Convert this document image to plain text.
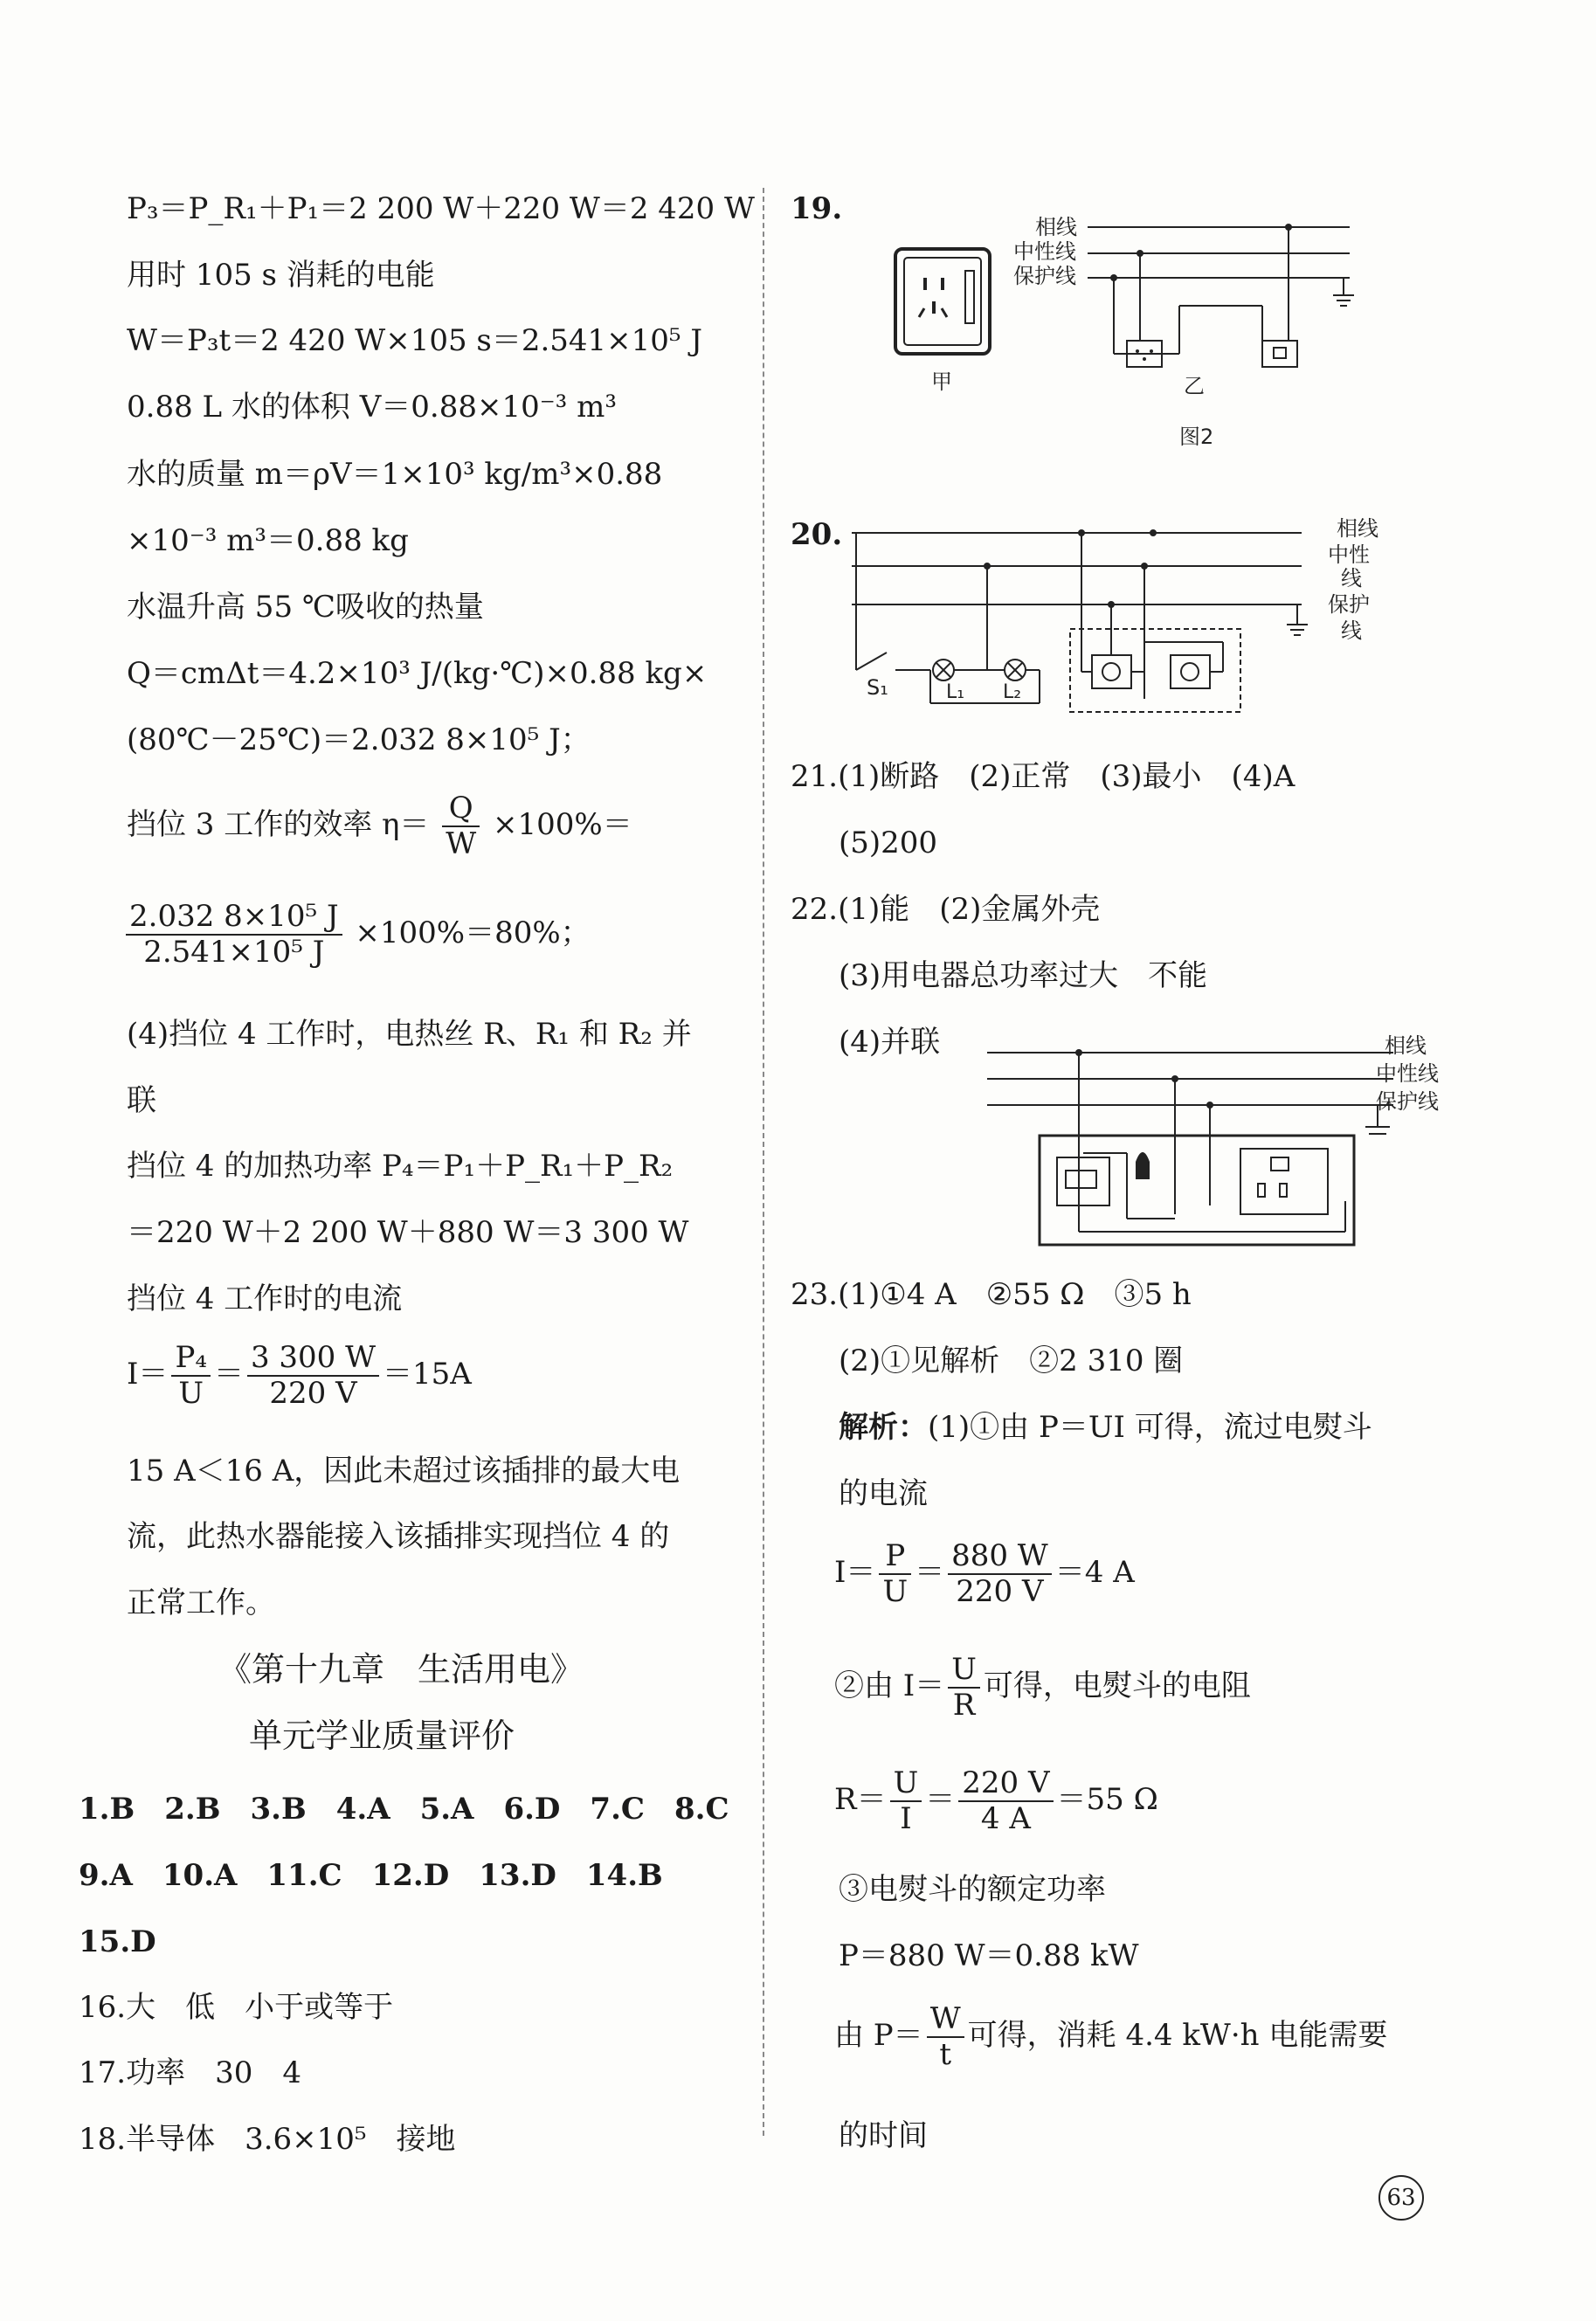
P₃＝P_R₁＋P₁＝2 200 W＋220 W＝2 420 W
用时 105 s 消耗的电能
W＝P₃t＝2 420 W×105 s＝2.541×10⁵ J
0.88 L 水的体积 V＝0.88×10⁻³ m³
水的质量 m＝ρV＝1×10³ kg/m³×0.88
×10⁻³ m³＝0.88 kg
水温升高 55 ℃吸收的热量
Q＝cmΔt＝4.2×10³ J/(kg·℃)×0.88 kg×
(80℃－25℃)＝2.032 8×10⁵ J；
挡位 3 工作的效率 $\eta= \frac{Q}{W} \times 100\%=$
$\frac{\text{2.032 8×10⁵ J}}{\text{2.541×10⁵ J}} \times 100\%=80\%$；
(4)挡位 4 工作时，电热丝 R、R₁ 和 R₂ 并
联
挡位 4 的加热功率 P₄＝P₁＋P_R₁＋P_R₂
＝220 W＋2 200 W＋880 W＝3 300 W
挡位 4 工作时的电流
$I= \frac{\text{P₄}}{U} = \frac{3 300 W}{220 V} =15A$
15 A＜16 A，因此未超过该插排的最大电
流，此热水器能接入该插排实现挡位 4 的
正常工作。
《第十九章　生活用电》
单元学业质量评价
1.B　2.B　3.B　4.A　5.A　6.D　7.C　8.C
9.A　10.A　11.C　12.D　13.D　14.B
15.D
16.大　低　小于或等于
17.功率　30　4
18.半导体　3.6×10⁵　接地
19.
甲
相线
中性线
保护线
乙
图2
20.	相线
中性
线
保护
线
S₁	L₁ L₂
21.(1)断路　(2)正常　(3)最小　(4)A
(5)200
22.(1)能　(2)金属外壳
(3)用电器总功率过大　不能
(4)并联	相线
中性线
保护线
23.(1)①4 A　②55 Ω　③5 h
(2)①见解析　②2 310 圈
解析：(1)①由 P＝UI 可得，流过电熨斗
的电流
$I= \frac{P}{U} = \frac{880 W}{220 V} =4$ A
②由 $I= \frac{U}{R}$ 可得，电熨斗的电阻
$R= \frac{U}{I} = \frac{220 V}{4 A} =55$ Ω
③电熨斗的额定功率
P＝880 W＝0.88 kW
由 $P= \frac{W}{t}$ 可得，消耗 4.4 kW·h 电能需要
的时间
63
